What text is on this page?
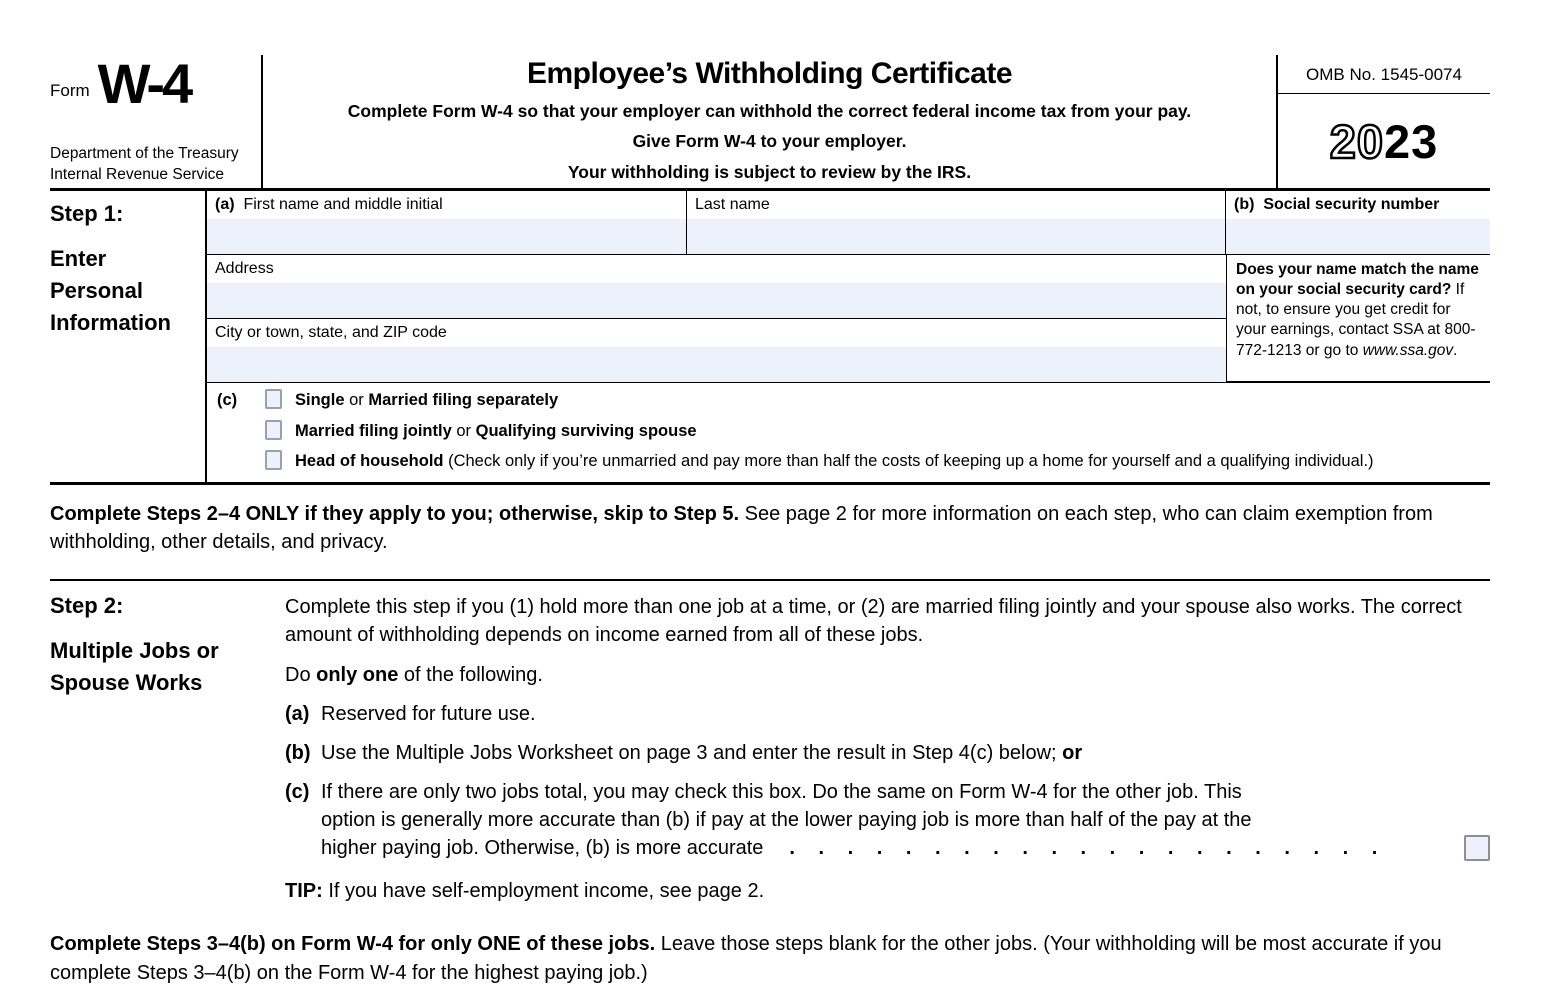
Form W-4
Department of the Treasury
Internal Revenue Service
Employee’s Withholding Certificate
Complete Form W-4 so that your employer can withhold the correct federal income tax from your pay.
Give Form W-4 to your employer.
Your withholding is subject to review by the IRS.
OMB No. 1545-0074
20 23
Step 1:
Enter Personal Information
(a) First name and middle initial	Last name	(b) Social security number
Address
City or town, state, and ZIP code
Does your name match the name on your social security card? If not, to ensure you get credit for your earnings, contact SSA at 800-772-1213 or go to www.ssa.gov.
(c)	Single or Married filing separately
Married filing jointly or Qualifying surviving spouse
Head of household (Check only if you’re unmarried and pay more than half the costs of keeping up a home for yourself and a qualifying individual.)
Complete Steps 2–4 ONLY if they apply to you; otherwise, skip to Step 5. See page 2 for more information on each step, who can claim exemption from withholding, other details, and privacy.
Step 2:
Multiple Jobs or Spouse Works
Complete this step if you (1) hold more than one job at a time, or (2) are married filing jointly and your spouse also works. The correct amount of withholding depends on income earned from all of these jobs.
Do only one of the following.
(a) Reserved for future use.
(b) Use the Multiple Jobs Worksheet on page 3 and enter the result in Step 4(c) below; or
(c) If there are only two jobs total, you may check this box. Do the same on Form W-4 for the other job. This
option is generally more accurate than (b) if pay at the lower paying job is more than half of the pay at the
higher paying job. Otherwise, (b) is more accurate	. . . . . . . . . . . . . . . . . . . . .
TIP: If you have self-employment income, see page 2.
Complete Steps 3–4(b) on Form W-4 for only ONE of these jobs. Leave those steps blank for the other jobs. (Your withholding will be most accurate if you complete Steps 3–4(b) on the Form W-4 for the highest paying job.)
